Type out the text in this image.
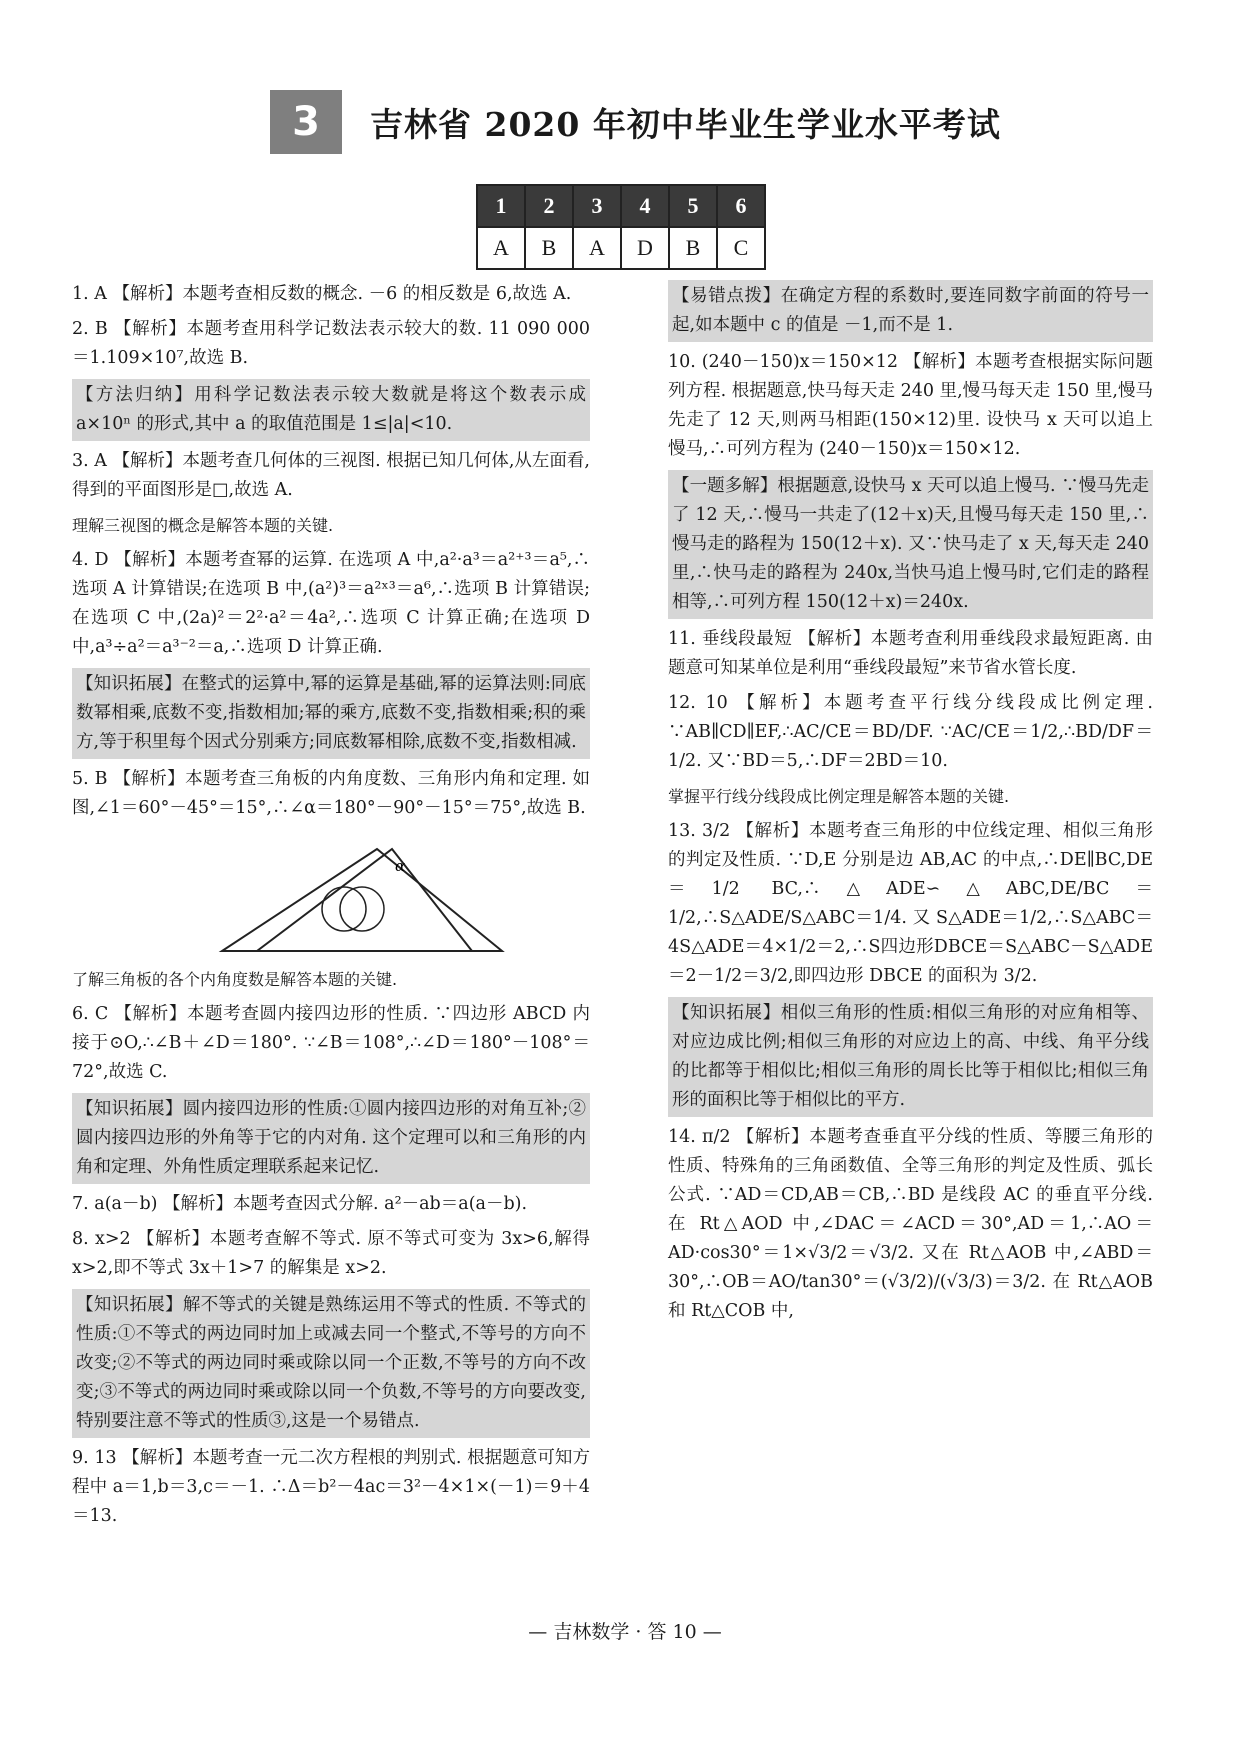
3	吉林省 2020 年初中毕业生学业水平考试
1	2	3	4	5	6
A	B	A	D	B	C

1. A 【解析】本题考查相反数的概念. －6 的相反数是 6,故选 A.

2. B 【解析】本题考查用科学记数法表示较大的数. 11 090 000＝1.109×10⁷,故选 B.

【方法归纳】用科学记数法表示较大数就是将这个数表示成 a×10ⁿ 的形式,其中 a 的取值范围是 1≤|a|<10.

3. A 【解析】本题考查几何体的三视图. 根据已知几何体,从左面看,得到的平面图形是□,故选 A.

理解三视图的概念是解答本题的关键.

4. D 【解析】本题考查幂的运算. 在选项 A 中,a²·a³＝a²⁺³＝a⁵,∴选项 A 计算错误;在选项 B 中,(a²)³＝a²ˣ³＝a⁶,∴选项 B 计算错误;在选项 C 中,(2a)²＝2²·a²＝4a²,∴选项 C 计算正确;在选项 D 中,a³÷a²＝a³⁻²＝a,∴选项 D 计算正确.

【知识拓展】在整式的运算中,幂的运算是基础,幂的运算法则:同底数幂相乘,底数不变,指数相加;幂的乘方,底数不变,指数相乘;积的乘方,等于积里每个因式分别乘方;同底数幂相除,底数不变,指数相减.

5. B 【解析】本题考查三角板的内角度数、三角形内角和定理. 如图,∠1＝60°－45°＝15°,∴∠α＝180°－90°－15°＝75°,故选 B.

α

了解三角板的各个内角度数是解答本题的关键.

6. C 【解析】本题考查圆内接四边形的性质. ∵四边形 ABCD 内接于⊙O,∴∠B＋∠D＝180°. ∵∠B＝108°,∴∠D＝180°－108°＝72°,故选 C.

【知识拓展】圆内接四边形的性质:①圆内接四边形的对角互补;②圆内接四边形的外角等于它的内对角. 这个定理可以和三角形的内角和定理、外角性质定理联系起来记忆.

7. a(a－b) 【解析】本题考查因式分解. a²－ab＝a(a－b).

8. x>2 【解析】本题考查解不等式. 原不等式可变为 3x>6,解得 x>2,即不等式 3x＋1>7 的解集是 x>2.

【知识拓展】解不等式的关键是熟练运用不等式的性质. 不等式的性质:①不等式的两边同时加上或减去同一个整式,不等号的方向不改变;②不等式的两边同时乘或除以同一个正数,不等号的方向不改变;③不等式的两边同时乘或除以同一个负数,不等号的方向要改变,特别要注意不等式的性质③,这是一个易错点.

9. 13 【解析】本题考查一元二次方程根的判别式. 根据题意可知方程中 a＝1,b＝3,c＝－1. ∴Δ＝b²－4ac＝3²－4×1×(－1)＝9＋4＝13.

【易错点拨】在确定方程的系数时,要连同数字前面的符号一起,如本题中 c 的值是 －1,而不是 1.

10. (240－150)x＝150×12 【解析】本题考查根据实际问题列方程. 根据题意,快马每天走 240 里,慢马每天走 150 里,慢马先走了 12 天,则两马相距(150×12)里. 设快马 x 天可以追上慢马,∴可列方程为 (240－150)x＝150×12.

【一题多解】根据题意,设快马 x 天可以追上慢马. ∵慢马先走了 12 天,∴慢马一共走了(12＋x)天,且慢马每天走 150 里,∴慢马走的路程为 150(12＋x). 又∵快马走了 x 天,每天走 240 里,∴快马走的路程为 240x,当快马追上慢马时,它们走的路程相等,∴可列方程 150(12＋x)＝240x.

11. 垂线段最短 【解析】本题考查利用垂线段求最短距离. 由题意可知某单位是利用“垂线段最短”来节省水管长度.

12. 10 【解析】本题考查平行线分线段成比例定理. ∵AB∥CD∥EF,∴AC/CE＝BD/DF. ∵AC/CE＝1/2,∴BD/DF＝1/2. 又∵BD＝5,∴DF＝2BD＝10.

掌握平行线分线段成比例定理是解答本题的关键.

13. 3/2 【解析】本题考查三角形的中位线定理、相似三角形的判定及性质. ∵D,E 分别是边 AB,AC 的中点,∴DE∥BC,DE＝1/2 BC,∴△ADE∽△ABC,DE/BC＝1/2,∴S△ADE/S△ABC＝1/4. 又 S△ADE＝1/2,∴S△ABC＝4S△ADE＝4×1/2＝2,∴S四边形DBCE＝S△ABC－S△ADE＝2－1/2＝3/2,即四边形 DBCE 的面积为 3/2.

【知识拓展】相似三角形的性质:相似三角形的对应角相等、对应边成比例;相似三角形的对应边上的高、中线、角平分线的比都等于相似比;相似三角形的周长比等于相似比;相似三角形的面积比等于相似比的平方.

14. π/2 【解析】本题考查垂直平分线的性质、等腰三角形的性质、特殊角的三角函数值、全等三角形的判定及性质、弧长公式. ∵AD＝CD,AB＝CB,∴BD 是线段 AC 的垂直平分线. 在 Rt△AOD 中,∠DAC＝∠ACD＝30°,AD＝1,∴AO＝AD·cos30°＝1×√3/2＝√3/2. 又在 Rt△AOB 中,∠ABD＝30°,∴OB＝AO/tan30°＝(√3/2)/(√3/3)＝3/2. 在 Rt△AOB 和 Rt△COB 中,

— 吉林数学 · 答 10 —
